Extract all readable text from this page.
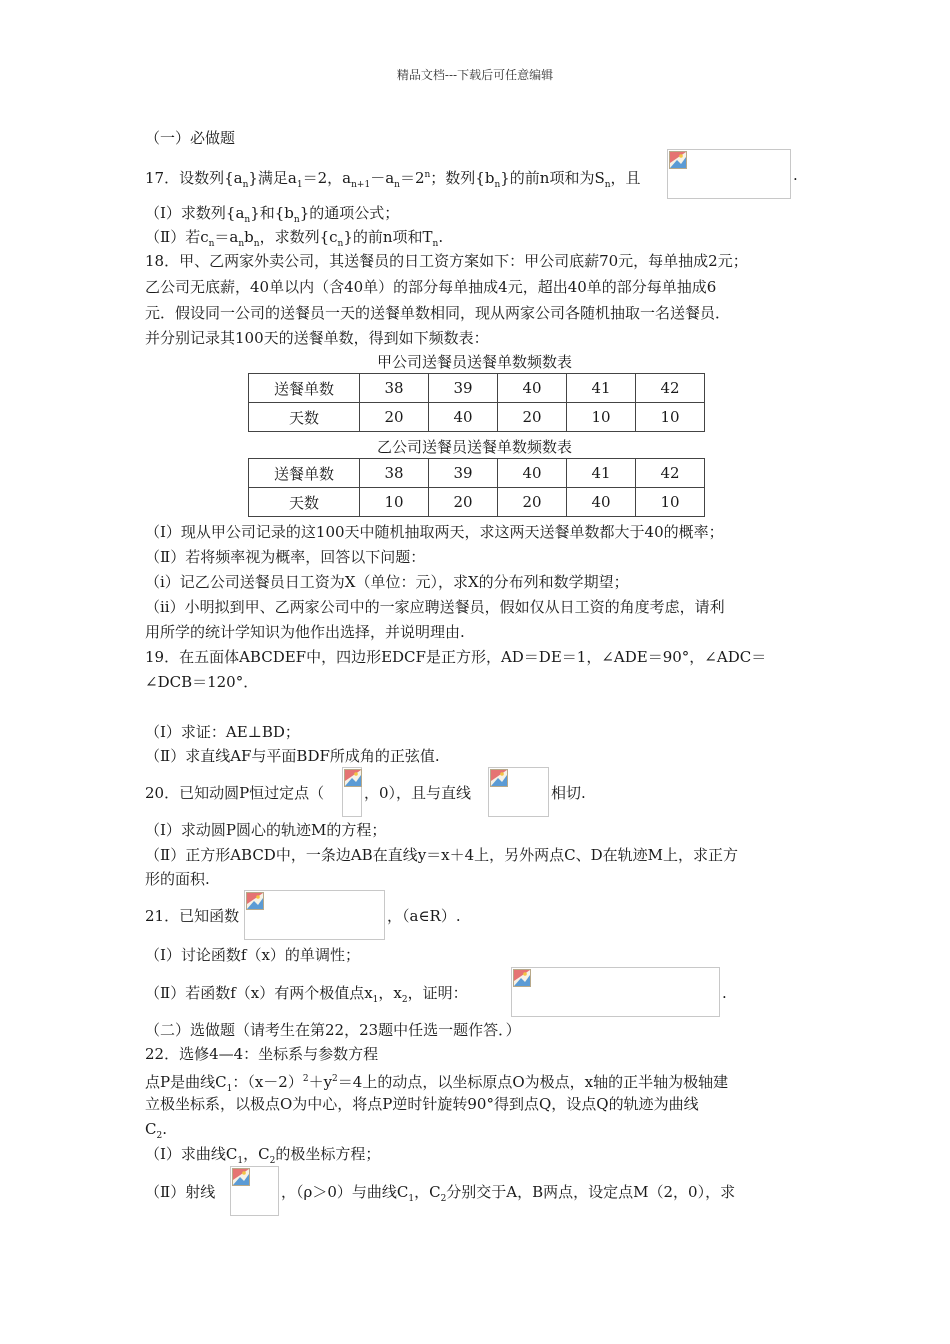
精品文档---下载后可任意编辑
（一）必做题
17．设数列$\{a_n\}$满足$a_1=2$，$a_{n+1}-a_n=2^n$；数列$\{b_n\}$的前n项和为$S_n$，且	.
（Ⅰ）求数列$\{a_n\}$和$\{b_n\}$的通项公式；
（Ⅱ）若$c_n=a_nb_n$，求数列$\{c_n\}$的前n项和$T_n$.
18．甲、乙两家外卖公司，其送餐员的日工资方案如下：甲公司底薪70元，每单抽成2元；
乙公司无底薪，40单以内（含40单）的部分每单抽成4元，超出40单的部分每单抽成6
元．假设同一公司的送餐员一天的送餐单数相同，现从两家公司各随机抽取一名送餐员．
并分别记录其100天的送餐单数，得到如下频数表：
甲公司送餐员送餐单数频数表
送餐单数	38	39	40	41	42
天数	20	40	20	10	10
乙公司送餐员送餐单数频数表
送餐单数	38	39	40	41	42
天数	10	20	20	40	10
（Ⅰ）现从甲公司记录的这100天中随机抽取两天，求这两天送餐单数都大于40的概率；
（Ⅱ）若将频率视为概率，回答以下问题：
（i）记乙公司送餐员日工资为X（单位：元），求X的分布列和数学期望；
（ii）小明拟到甲、乙两家公司中的一家应聘送餐员，假如仅从日工资的角度考虑，请利
用所学的统计学知识为他作出选择，并说明理由.
19．在五面体ABCDEF中，四边形EDCF是正方形，AD＝DE＝1，∠ADE＝90°，∠ADC＝
∠DCB＝120°．
（Ⅰ）求证：AE⊥BD；
（Ⅱ）求直线AF与平面BDF所成角的正弦值.
20．已知动圆P恒过定点（	，0），且与直线	相切.
（Ⅰ）求动圆P圆心的轨迹M的方程；
（Ⅱ）正方形ABCD中，一条边AB在直线y＝x＋4上，另外两点C、D在轨迹M上，求正方
形的面积.
21．已知函数	，（a∈R）.
（Ⅰ）讨论函数f（x）的单调性；
（Ⅱ）若函数f（x）有两个极值点$x_1$，$x_2$，证明：	.
（二）选做题（请考生在第22，23题中任选一题作答．）
22．选修4—4：坐标系与参数方程
点P是曲线$C_1$：$(x-2)^2+y^2=4$上的动点，以坐标原点O为极点，x轴的正半轴为极轴建
立极坐标系，以极点O为中心，将点P逆时针旋转90°得到点Q，设点Q的轨迹为曲线
$C_2$.
（Ⅰ）求曲线$C_1$，$C_2$的极坐标方程；
（Ⅱ）射线	，（ρ＞0）与曲线$C_1$，$C_2$分别交于A，B两点，设定点M（2，0），求
